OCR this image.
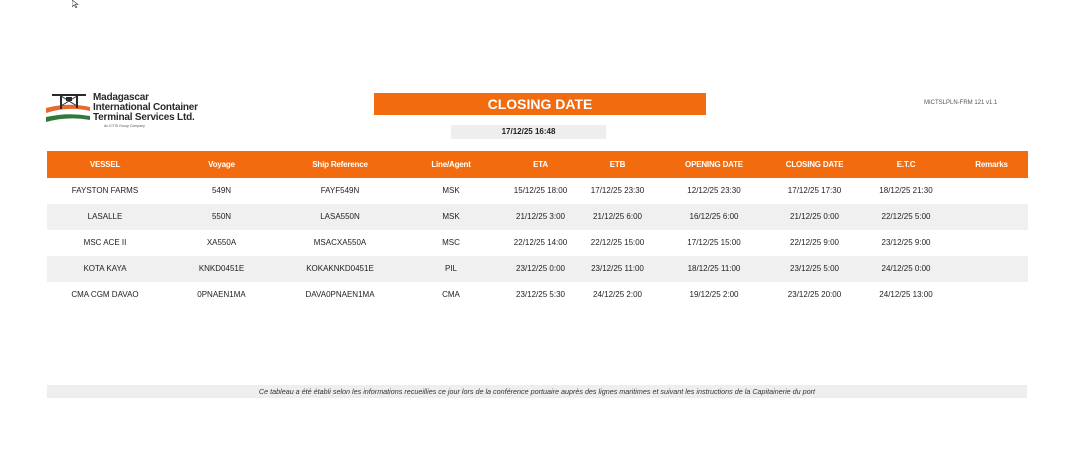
Madagascar
International Container
Terminal Services Ltd.
An ICTSI Group Company
MICTSLPLN-FRM 121 v1.1
CLOSING DATE
17/12/25 16:48
VESSEL	Voyage	Ship Reference	Line/Agent	ETA	ETB	OPENING DATE	CLOSING DATE	E.T.C	Remarks
FAYSTON FARMS	549N	FAYF549N	MSK	15/12/25 18:00	17/12/25 23:30	12/12/25 23:30	17/12/25 17:30	18/12/25 21:30
LASALLE	550N	LASA550N	MSK	21/12/25 3:00	21/12/25 6:00	16/12/25 6:00	21/12/25 0:00	22/12/25 5:00
MSC ACE II	XA550A	MSACXA550A	MSC	22/12/25 14:00	22/12/25 15:00	17/12/25 15:00	22/12/25 9:00	23/12/25 9:00
KOTA KAYA	KNKD0451E	KOKAKNKD0451E	PIL	23/12/25 0:00	23/12/25 11:00	18/12/25 11:00	23/12/25 5:00	24/12/25 0:00
CMA CGM DAVAO	0PNAEN1MA	DAVA0PNAEN1MA	CMA	23/12/25 5:30	24/12/25 2:00	19/12/25 2:00	23/12/25 20:00	24/12/25 13:00
Ce tableau a été établi selon les informations recueillies ce jour lors de la conférence portuaire auprès des lignes maritimes et suivant les instructions de la Capitainerie du port
